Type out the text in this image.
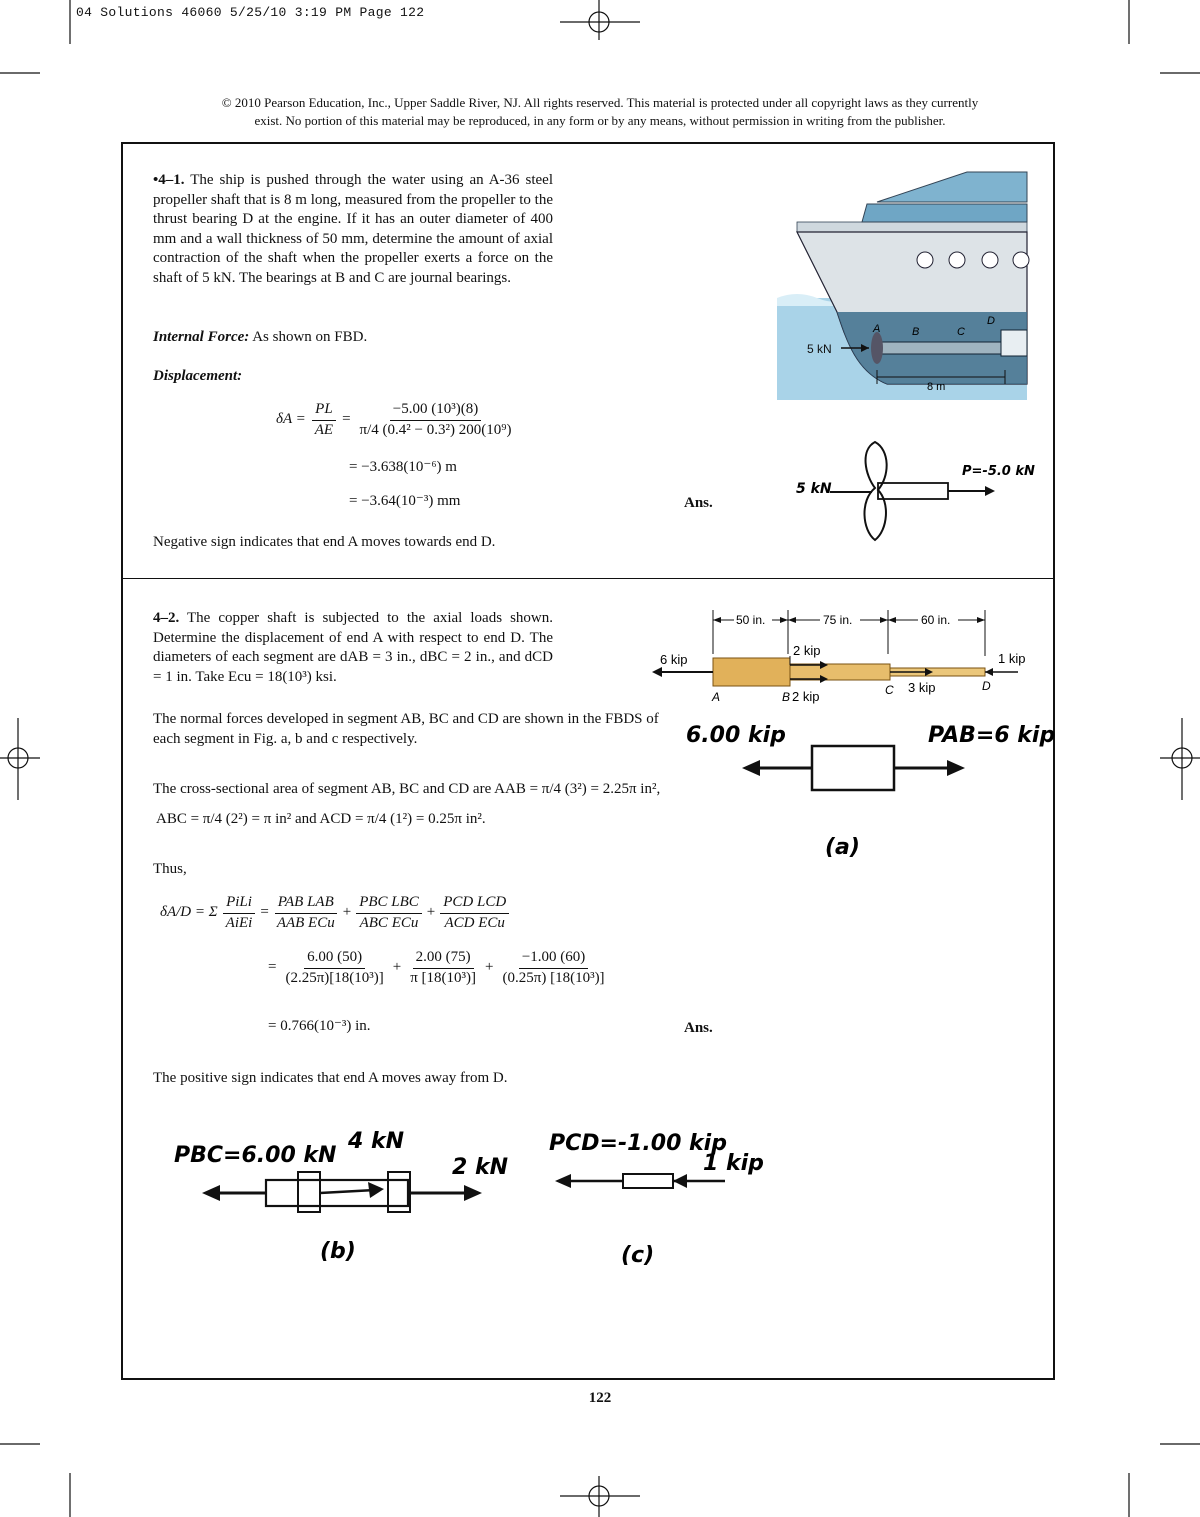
04 Solutions 46060 5/25/10 3:19 PM Page 122
© 2010 Pearson Education, Inc., Upper Saddle River, NJ. All rights reserved. This material is protected under all copyright laws as they currently
exist. No portion of this material may be reproduced, in any form or by any means, without permission in writing from the publisher.
•4–1. The ship is pushed through the water using an A-36 steel propeller shaft that is 8 m long, measured from the propeller to the thrust bearing D at the engine. If it has an outer diameter of 400 mm and a wall thickness of 50 mm, determine the amount of axial contraction of the shaft when the propeller exerts a force on the shaft of 5 kN. The bearings at B and C are journal bearings.
Internal Force: As shown on FBD.
Displacement:
$\delta A = \frac{PL}{AE} = \frac{\text{−5.00 (10³)(8)}}{\text{π/4 (0.4² − 0.3²) 200(10⁹)}}$
= −3.638(10⁻⁶) m
= −3.64(10⁻³) mm	Ans.
Negative sign indicates that end A moves towards end D.
5 kN
A	B	C
D
8 m
5 kN
P=-5.0 kN
4–2. The copper shaft is subjected to the axial loads shown. Determine the displacement of end A with respect to end D. The diameters of each segment are dAB = 3 in., dBC = 2 in., and dCD = 1 in. Take Ecu = 18(10³) ksi.
50 in.	75 in.	60 in.
6 kip
2 kip
2 kip
3 kip
1 kip
A	B	C	D
The normal forces developed in segment AB, BC and CD are shown in the FBDS of each segment in Fig. a, b and c respectively.	6.00 kip	PAB=6 kip
(a)
The cross-sectional area of segment AB, BC and CD are AAB = π/4 (3²) = 2.25π in²,
ABC = π/4 (2²) = π in² and ACD = π/4 (1²) = 0.25π in².
Thus,
δA/D = Σ $\frac{\text{PiLi}}{\text{AiEi}} = \frac{\text{PAB LAB}}{\text{AAB ECu}} + \frac{\text{PBC LBC}}{\text{ABC ECu}} + \frac{\text{PCD LCD}}{\text{ACD ECu}}$
= $\frac{6.00 (50)}{\text{(2.25π)[18(10³)]}} + \frac{2.00 (75)}{\text{π [18(10³)]}} + \frac{-1.00 (60)}{\text{(0.25π) [18(10³)]}}$
= 0.766(10⁻³) in.	Ans.
The positive sign indicates that end A moves away from D.
PBC=6.00 kN
4 kN
2 kN
(b)
PCD=-1.00 kip
1 kip
(c)
122
